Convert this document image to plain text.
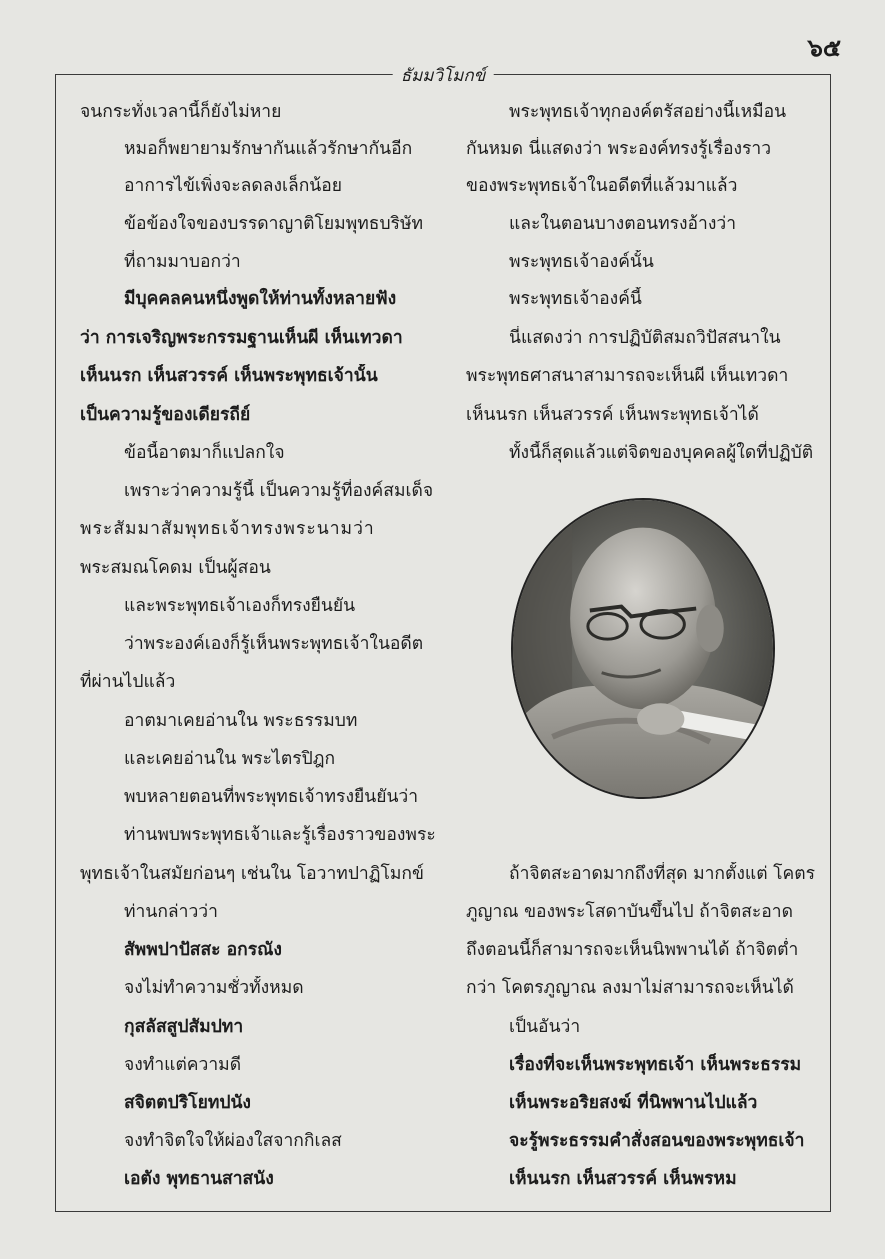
๖๕
ธัมมวิโมกข์
จนกระทั่งเวลานี้ก็ยังไม่หาย
หมอก็พยายามรักษากันแล้วรักษากันอีก
อาการไข้เพิ่งจะลดลงเล็กน้อย
ข้อข้องใจของบรรดาญาติโยมพุทธบริษัท
ที่ถามมาบอกว่า
มีบุคคลคนหนึ่งพูดให้ท่านทั้งหลายฟัง
ว่า การเจริญพระกรรมฐานเห็นผี เห็นเทวดา
เห็นนรก เห็นสวรรค์ เห็นพระพุทธเจ้านั้น
เป็นความรู้ของเดียรถีย์
ข้อนี้อาตมาก็แปลกใจ
เพราะว่าความรู้นี้ เป็นความรู้ที่องค์สมเด็จ
พระสัมมาสัมพุทธเจ้าทรงพระนามว่า
พระสมณโคดม เป็นผู้สอน
และพระพุทธเจ้าเองก็ทรงยืนยัน
ว่าพระองค์เองก็รู้เห็นพระพุทธเจ้าในอดีต
ที่ผ่านไปแล้ว
อาตมาเคยอ่านใน พระธรรมบท
และเคยอ่านใน พระไตรปิฎก
พบหลายตอนที่พระพุทธเจ้าทรงยืนยันว่า
ท่านพบพระพุทธเจ้าและรู้เรื่องราวของพระ
พุทธเจ้าในสมัยก่อนๆ เช่นใน โอวาทปาฏิโมกข์
ท่านกล่าวว่า
สัพพปาปัสสะ อกรณัง
จงไม่ทำความชั่วทั้งหมด
กุสลัสสูปสัมปทา
จงทำแต่ความดี
สจิตตปริโยทปนัง
จงทำจิตใจให้ผ่องใสจากกิเลส
เอตัง พุทธานสาสนัง
พระพุทธเจ้าทุกองค์ตรัสอย่างนี้เหมือน
กันหมด นี่แสดงว่า พระองค์ทรงรู้เรื่องราว
ของพระพุทธเจ้าในอดีตที่แล้วมาแล้ว
และในตอนบางตอนทรงอ้างว่า
พระพุทธเจ้าองค์นั้น
พระพุทธเจ้าองค์นี้
นี่แสดงว่า การปฏิบัติสมถวิปัสสนาใน
พระพุทธศาสนาสามารถจะเห็นผี เห็นเทวดา
เห็นนรก เห็นสวรรค์ เห็นพระพุทธเจ้าได้
ทั้งนี้ก็สุดแล้วแต่จิตของบุคคลผู้ใดที่ปฏิบัติ
ถ้าจิตสะอาดมากถึงที่สุด มากตั้งแต่ โคตร
ภูญาณ ของพระโสดาบันขึ้นไป ถ้าจิตสะอาด
ถึงตอนนี้ก็สามารถจะเห็นนิพพานได้ ถ้าจิตต่ำ
กว่า โคตรภูญาณ ลงมาไม่สามารถจะเห็นได้
เป็นอันว่า
เรื่องที่จะเห็นพระพุทธเจ้า เห็นพระธรรม
เห็นพระอริยสงฆ์ ที่นิพพานไปแล้ว
จะรู้พระธรรมคำสั่งสอนของพระพุทธเจ้า
เห็นนรก เห็นสวรรค์ เห็นพรหม
